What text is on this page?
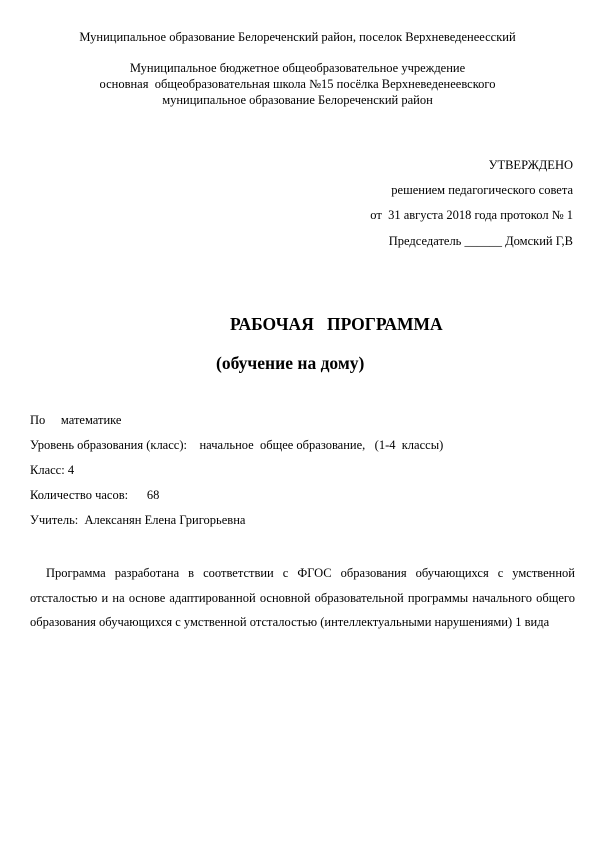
Муниципальное образование Белореченский район, поселок Верхневеденеесский
Муниципальное бюджетное общеобразовательное учреждение
основная  общеобразовательная школа №15 посёлка Верхневеденеевского
муниципальное образование Белореченский район
УТВЕРЖДЕНО
решением педагогического совета
от  31 августа 2018 года протокол № 1
Председатель ______ Домский Г,В
РАБОЧАЯ   ПРОГРАММА
(обучение на дому)
По     математике
Уровень образования (класс):    начальное  общее образование,   (1-4  классы)
Класс: 4
Количество часов:      68
Учитель:  Алексанян Елена Григорьевна
Программа разработана в соответствии с ФГОС образования обучающихся с умственной отсталостью и на основе адаптированной основной образовательной программы начального общего образования обучающихся с умственной отсталостью (интеллектуальными нарушениями) 1 вида
